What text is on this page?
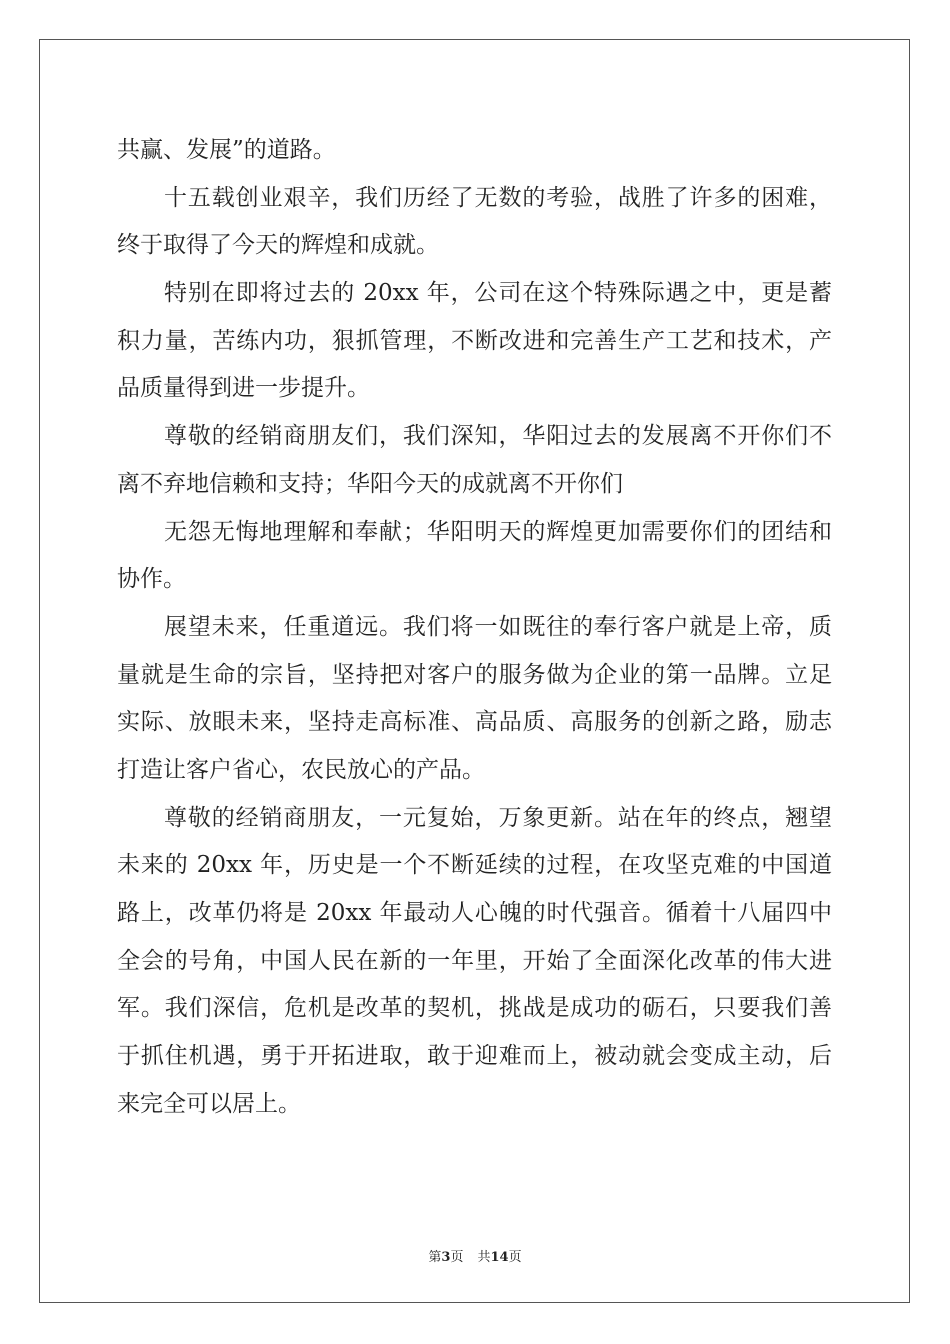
共赢、发展”的道路。
十五载创业艰辛，我们历经了无数的考验，战胜了许多的困难，
终于取得了今天的辉煌和成就。
特别在即将过去的 20xx 年，公司在这个特殊际遇之中，更是蓄
积力量，苦练内功，狠抓管理，不断改进和完善生产工艺和技术，产
品质量得到进一步提升。
尊敬的经销商朋友们，我们深知，华阳过去的发展离不开你们不
离不弃地信赖和支持；华阳今天的成就离不开你们
无怨无悔地理解和奉献；华阳明天的辉煌更加需要你们的团结和
协作。
展望未来，任重道远。我们将一如既往的奉行客户就是上帝，质
量就是生命的宗旨，坚持把对客户的服务做为企业的第一品牌。立足
实际、放眼未来，坚持走高标准、高品质、高服务的创新之路，励志
打造让客户省心，农民放心的产品。
尊敬的经销商朋友，一元复始，万象更新。站在年的终点，翘望
未来的 20xx 年，历史是一个不断延续的过程，在攻坚克难的中国道
路上，改革仍将是 20xx 年最动人心魄的时代强音。循着十八届四中
全会的号角，中国人民在新的一年里，开始了全面深化改革的伟大进
军。我们深信，危机是改革的契机，挑战是成功的砺石，只要我们善
于抓住机遇，勇于开拓进取，敢于迎难而上，被动就会变成主动，后
来完全可以居上。
第3页 共14页
